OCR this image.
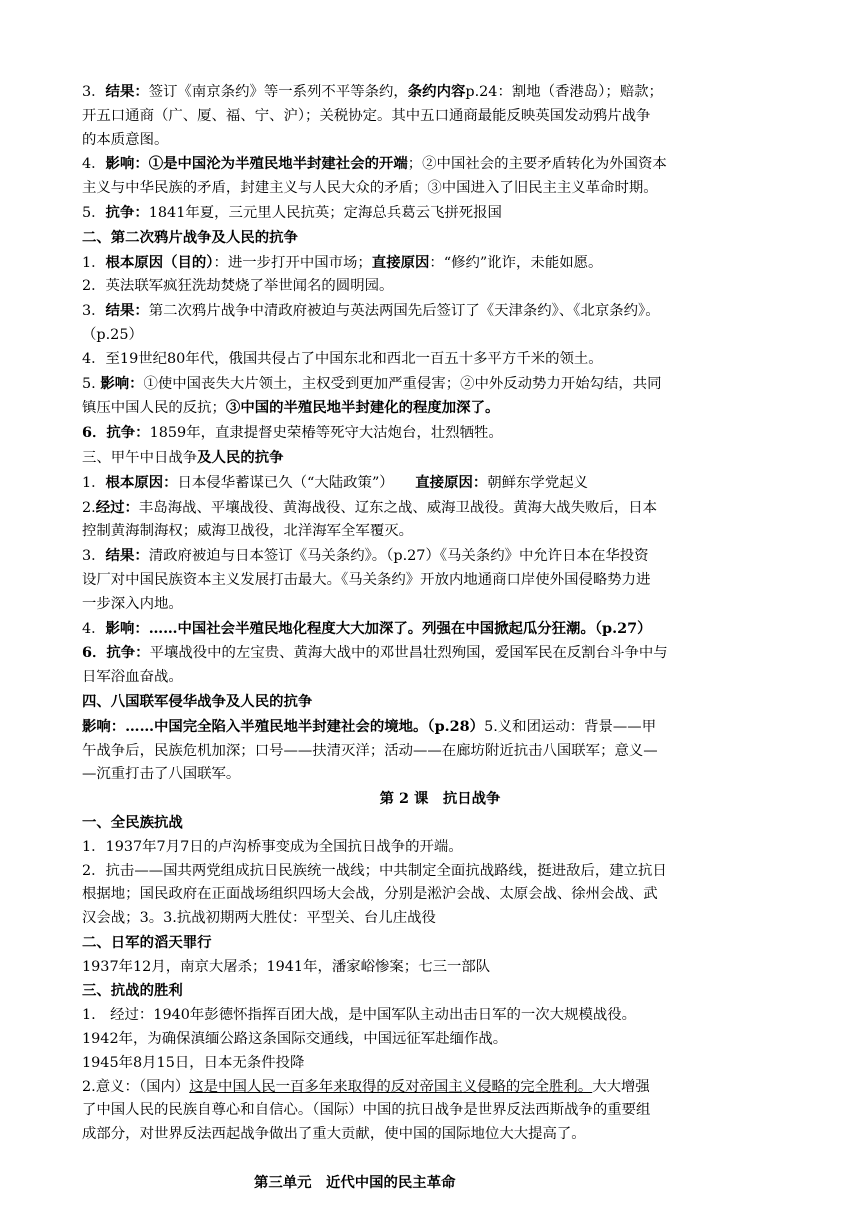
3．结果：签订《南京条约》等一系列不平等条约，条约内容p.24：割地（香港岛）；赔款；

开五口通商（广、厦、福、宁、沪）；关税协定。其中五口通商最能反映英国发动鸦片战争

的本质意图。

4．影响：①是中国沦为半殖民地半封建社会的开端；②中国社会的主要矛盾转化为外国资本

主义与中华民族的矛盾，封建主义与人民大众的矛盾；③中国进入了旧民主主义革命时期。

5．抗争：1841年夏，三元里人民抗英；定海总兵葛云飞拼死报国

二、第二次鸦片战争及人民的抗争

1．根本原因（目的）：进一步打开中国市场；直接原因：“修约”讹诈，未能如愿。

2．英法联军疯狂洗劫焚烧了举世闻名的圆明园。

3．结果：第二次鸦片战争中清政府被迫与英法两国先后签订了《天津条约》、《北京条约》。

（p.25）

4．至19世纪80年代，俄国共侵占了中国东北和西北一百五十多平方千米的领土。

5. 影响：①使中国丧失大片领土，主权受到更加严重侵害；②中外反动势力开始勾结，共同

镇压中国人民的反抗；③中国的半殖民地半封建化的程度加深了。

6．抗争：1859年，直隶提督史荣椿等死守大沽炮台，壮烈牺牲。

三、甲午中日战争及人民的抗争

1．根本原因：日本侵华蓄谋已久（“大陆政策”）　　直接原因：朝鲜东学党起义

2.经过：丰岛海战、平壤战役、黄海战役、辽东之战、威海卫战役。黄海大战失败后，日本

控制黄海制海权；威海卫战役，北洋海军全军覆灭。

3．结果：清政府被迫与日本签订《马关条约》。（p.27）《马关条约》中允许日本在华投资

设厂对中国民族资本主义发展打击最大。《马关条约》开放内地通商口岸使外国侵略势力进

一步深入内地。

4．影响：……中国社会半殖民地化程度大大加深了。列强在中国掀起瓜分狂潮。（p.27）

6．抗争：平壤战役中的左宝贵、黄海大战中的邓世昌壮烈殉国，爱国军民在反割台斗争中与

日军浴血奋战。

四、八国联军侵华战争及人民的抗争

影响：……中国完全陷入半殖民地半封建社会的境地。（p.28）5.义和团运动：背景——甲

午战争后，民族危机加深；口号——扶清灭洋；活动——在廊坊附近抗击八国联军；意义—

—沉重打击了八国联军。

第 2 课　抗日战争

一、全民族抗战

1．1937年7月7日的卢沟桥事变成为全国抗日战争的开端。

2．抗击——国共两党组成抗日民族统一战线；中共制定全面抗战路线，挺进敌后，建立抗日

根据地；国民政府在正面战场组织四场大会战，分别是淞沪会战、太原会战、徐州会战、武

汉会战；3。3.抗战初期两大胜仗：平型关、台儿庄战役

二、日军的滔天罪行

1937年12月，南京大屠杀；1941年，潘家峪惨案；七三一部队

三、抗战的胜利

1.　经过：1940年彭德怀指挥百团大战，是中国军队主动出击日军的一次大规模战役。

1942年，为确保滇缅公路这条国际交通线，中国远征军赴缅作战。

1945年8月15日，日本无条件投降

2.意义：（国内）这是中国人民一百多年来取得的反对帝国主义侵略的完全胜利。大大增强

了中国人民的民族自尊心和自信心。（国际）中国的抗日战争是世界反法西斯战争的重要组

成部分，对世界反法西起战争做出了重大贡献，使中国的国际地位大大提高了。

第三单元　近代中国的民主革命
